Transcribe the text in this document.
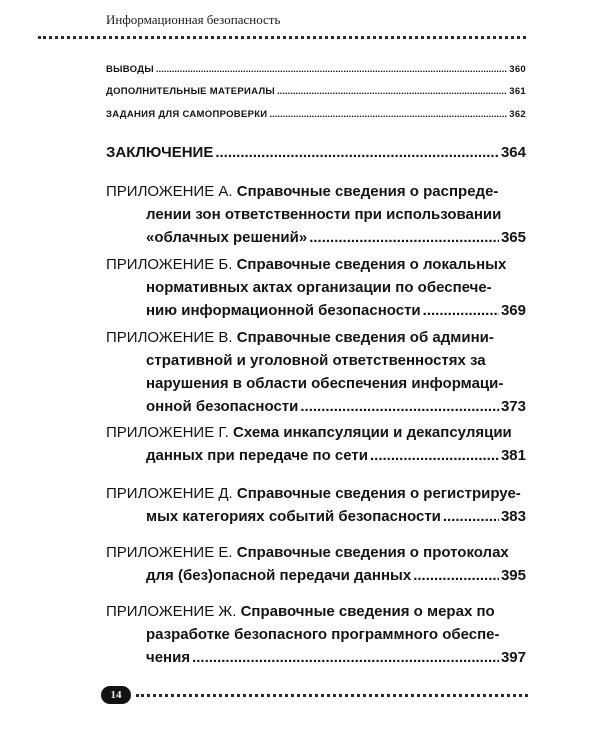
Информационная безопасность
ВЫВОДЫ .....	360
ДОПОЛНИТЕЛЬНЫЕ МАТЕРИАЛЫ .....	361
ЗАДАНИЯ ДЛЯ САМОПРОВЕРКИ .....	362
ЗАКЛЮЧЕНИЕ .....	364
ПРИЛОЖЕНИЕ А.
Справочные сведения о распреде-
лении зон ответственности при использовании
«облачных решений» .....	365
ПРИЛОЖЕНИЕ Б.
Справочные сведения о локальных
нормативных актах организации по обеспече-
нию информационной безопасности .....	369
ПРИЛОЖЕНИЕ В.
Справочные сведения об админи-
стративной и уголовной ответственностях за
нарушения в области обеспечения информаци-
онной безопасности .....	373
ПРИЛОЖЕНИЕ Г.
Схема инкапсуляции и декапсуляции
данных при передаче по сети .....	381
ПРИЛОЖЕНИЕ Д.
Справочные сведения о регистрируе-
мых категориях событий безопасности .....	383
ПРИЛОЖЕНИЕ Е.
Справочные сведения о протоколах
для (без)опасной передачи данных .....	395
ПРИЛОЖЕНИЕ Ж.
Справочные сведения о мерах по
разработке безопасного программного обеспе-
чения .....	397
14
